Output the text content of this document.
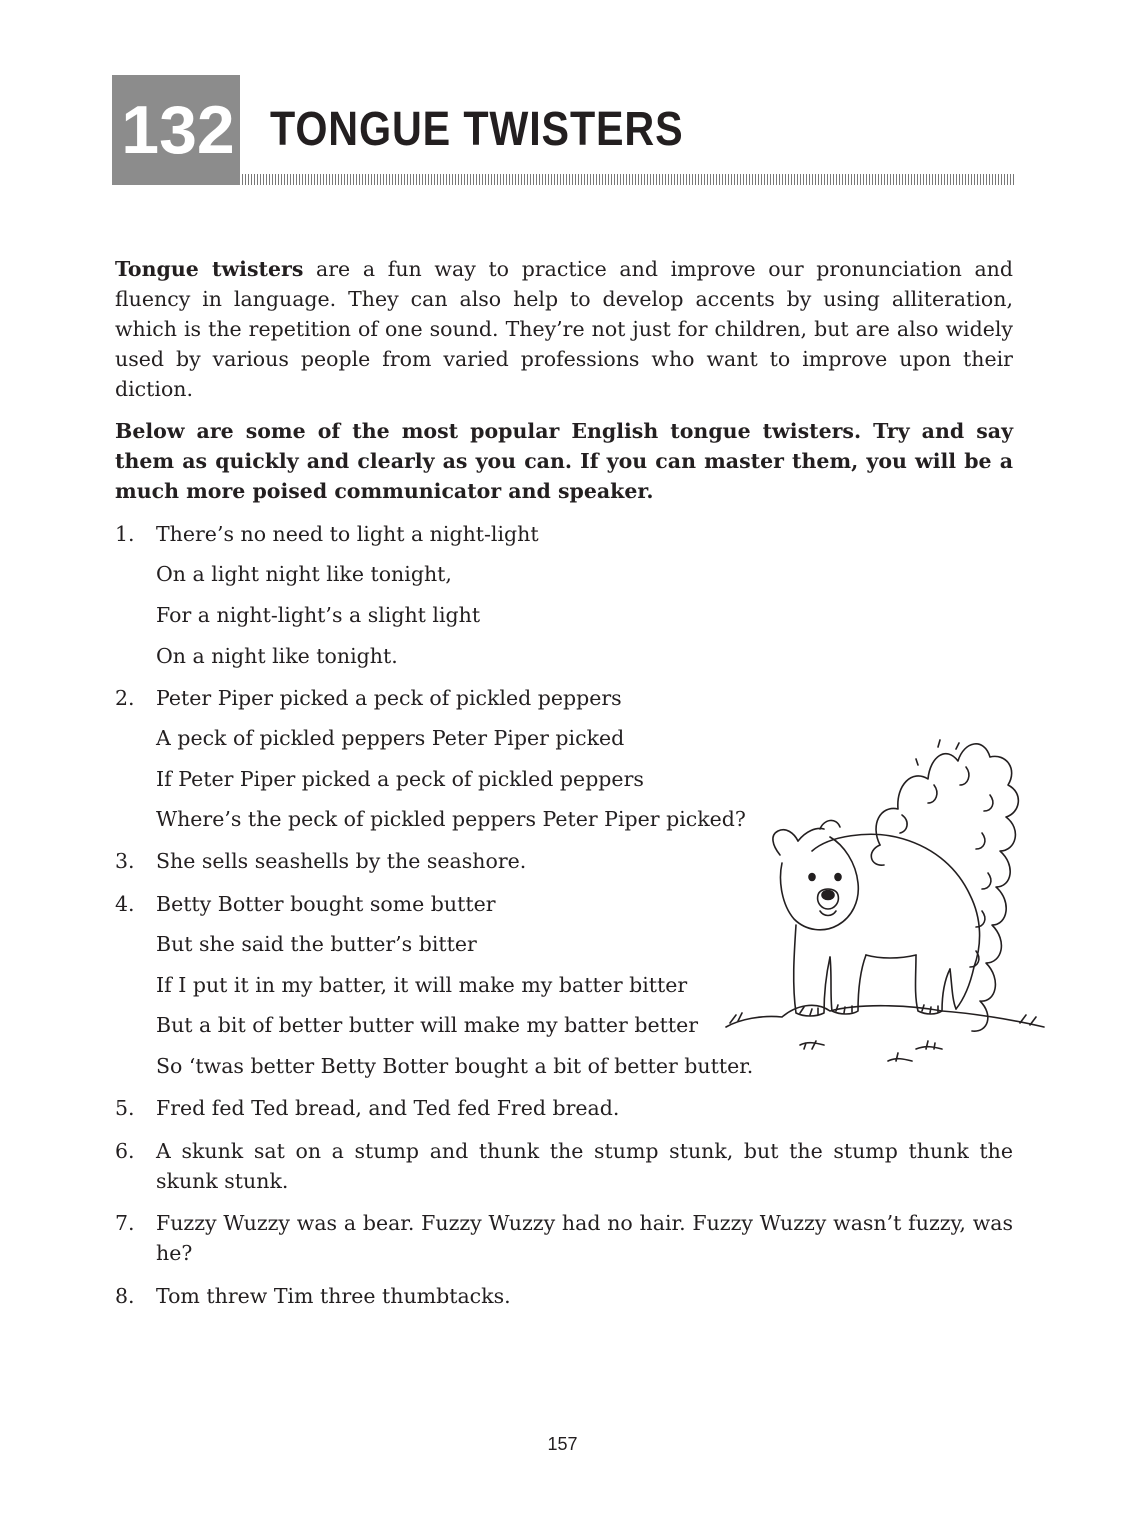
132 TONGUE TWISTERS

Tongue twisters are a fun way to practice and improve our pronunciation and fluency in language. They can also help to develop accents by using alliteration, which is the repetition of one sound. They’re not just for children, but are also widely used by various people from varied professions who want to improve upon their diction.

Below are some of the most popular English tongue twisters. Try and say them as quickly and clearly as you can. If you can master them, you will be a much more poised communicator and speaker.

1. There’s no need to light a night-light
On a light night like tonight,
For a night-light’s a slight light
On a night like tonight.
2. Peter Piper picked a peck of pickled peppers
A peck of pickled peppers Peter Piper picked
If Peter Piper picked a peck of pickled peppers
Where’s the peck of pickled peppers Peter Piper picked?
3. She sells seashells by the seashore.
4. Betty Botter bought some butter
But she said the butter’s bitter
If I put it in my batter, it will make my batter bitter
But a bit of better butter will make my batter better
So ‘twas better Betty Botter bought a bit of better butter.
5. Fred fed Ted bread, and Ted fed Fred bread.
6. A skunk sat on a stump and thunk the stump stunk, but the stump thunk the skunk stunk.

7. Fuzzy Wuzzy was a bear. Fuzzy Wuzzy had no hair. Fuzzy Wuzzy wasn’t fuzzy, was he?

8. Tom threw Tim three thumbtacks.
157
